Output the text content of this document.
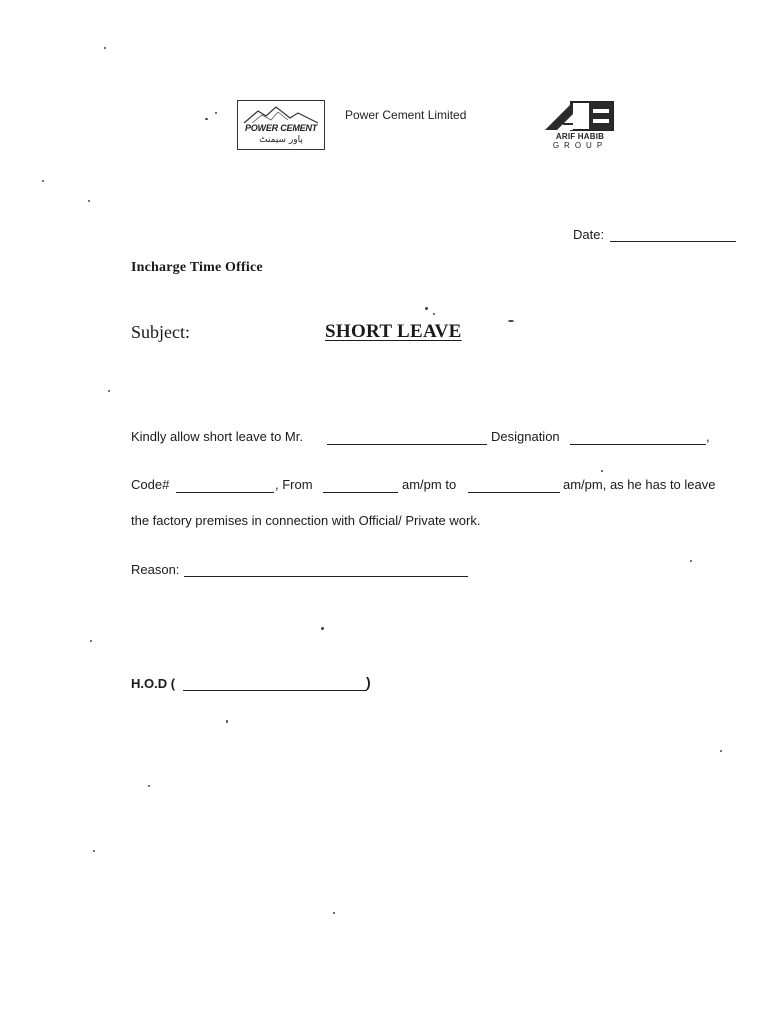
POWER CEMENT
پاور سیمنٹ
Power Cement Limited
ARIF HABIB
GROUP
Date:
Incharge Time Office
Subject:	SHORT LEAVE
Kindly allow short leave to Mr.	Designation	,
Code#	, From	am/pm to	am/pm, as he has to leave
the factory premises in connection with Official/ Private work.
Reason:
H.O.D (	)
